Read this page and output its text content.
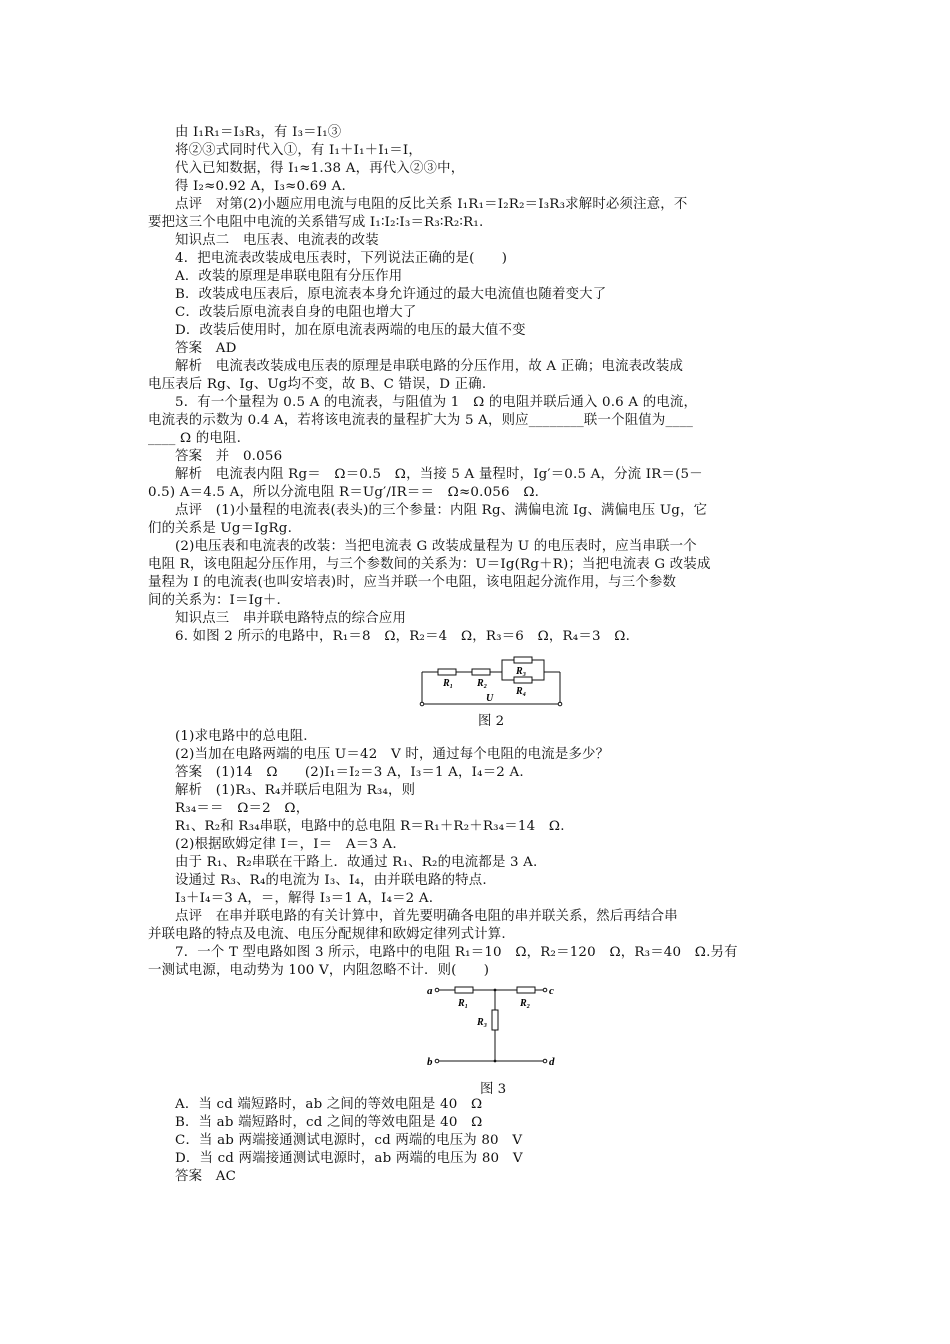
由 I₁R₁＝I₃R₃，有 I₃＝I₁③
将②③式同时代入①，有 I₁＋I₁＋I₁＝I，
代入已知数据，得 I₁≈1.38 A，再代入②③中，
得 I₂≈0.92 A，I₃≈0.69 A.
点评　对第(2)小题应用电流与电阻的反比关系 I₁R₁＝I₂R₂＝I₃R₃求解时必须注意，不
要把这三个电阻中电流的关系错写成 I₁∶I₂∶I₃＝R₃∶R₂∶R₁.
知识点二　电压表、电流表的改装
4．把电流表改装成电压表时，下列说法正确的是(　　)
A．改装的原理是串联电阻有分压作用
B．改装成电压表后，原电流表本身允许通过的最大电流值也随着变大了
C．改装后原电流表自身的电阻也增大了
D．改装后使用时，加在原电流表两端的电压的最大值不变
答案　AD
解析　电流表改装成电压表的原理是串联电路的分压作用，故 A 正确；电流表改装成
电压表后 Rg、Ig、Ug均不变，故 B、C 错误，D 正确.
5．有一个量程为 0.5 A 的电流表，与阻值为 1　Ω 的电阻并联后通入 0.6 A 的电流，
电流表的示数为 0.4 A，若将该电流表的量程扩大为 5 A，则应________联一个阻值为____
____ Ω 的电阻.
答案　并　0.056
解析　电流表内阻 Rg＝　Ω＝0.5　Ω，当接 5 A 量程时，Ig′＝0.5 A，分流 IR＝(5－
0.5) A＝4.5 A，所以分流电阻 R＝Ug′/IR＝＝　Ω≈0.056　Ω.
点评　(1)小量程的电流表(表头)的三个参量：内阻 Rg、满偏电流 Ig、满偏电压 Ug，它
们的关系是 Ug＝IgRg.
(2)电压表和电流表的改装：当把电流表 G 改装成量程为 U 的电压表时，应当串联一个
电阻 R，该电阻起分压作用，与三个参数间的关系为：U＝Ig(Rg＋R)；当把电流表 G 改装成
量程为 I 的电流表(也叫安培表)时，应当并联一个电阻，该电阻起分流作用，与三个参数
间的关系为：I＝Ig＋.
知识点三　串并联电路特点的综合应用
6. 如图 2 所示的电路中，R₁＝8　Ω，R₂＝4　Ω，R₃＝6　Ω，R₄＝3　Ω.
R₁ R₂
R₃
R₄
U
图 2
(1)求电路中的总电阻.
(2)当加在电路两端的电压 U＝42　V 时，通过每个电阻的电流是多少？
答案　(1)14　Ω　　(2)I₁＝I₂＝3 A，I₃＝1 A，I₄＝2 A.
解析　(1)R₃、R₄并联后电阻为 R₃₄，则
R₃₄＝＝　Ω＝2　Ω，
R₁、R₂和 R₃₄串联，电路中的总电阻 R＝R₁＋R₂＋R₃₄＝14　Ω.
(2)根据欧姆定律 I＝，I＝　A＝3 A.
由于 R₁、R₂串联在干路上．故通过 R₁、R₂的电流都是 3 A.
设通过 R₃、R₄的电流为 I₃、I₄，由并联电路的特点.
I₃＋I₄＝3 A，＝，解得 I₃＝1 A，I₄＝2 A.
点评　在串并联电路的有关计算中，首先要明确各电阻的串并联关系，然后再结合串
并联电路的特点及电流、电压分配规律和欧姆定律列式计算.
7．一个 T 型电路如图 3 所示，电路中的电阻 R₁＝10　Ω，R₂＝120　Ω，R₃＝40　Ω.另有
一测试电源，电动势为 100 V，内阻忽略不计．则(　　)
a	c
b	d
R₁	R₂
R₃
图 3
A．当 cd 端短路时，ab 之间的等效电阻是 40　Ω
B．当 ab 端短路时，cd 之间的等效电阻是 40　Ω
C．当 ab 两端接通测试电源时，cd 两端的电压为 80　V
D．当 cd 两端接通测试电源时，ab 两端的电压为 80　V
答案　AC
